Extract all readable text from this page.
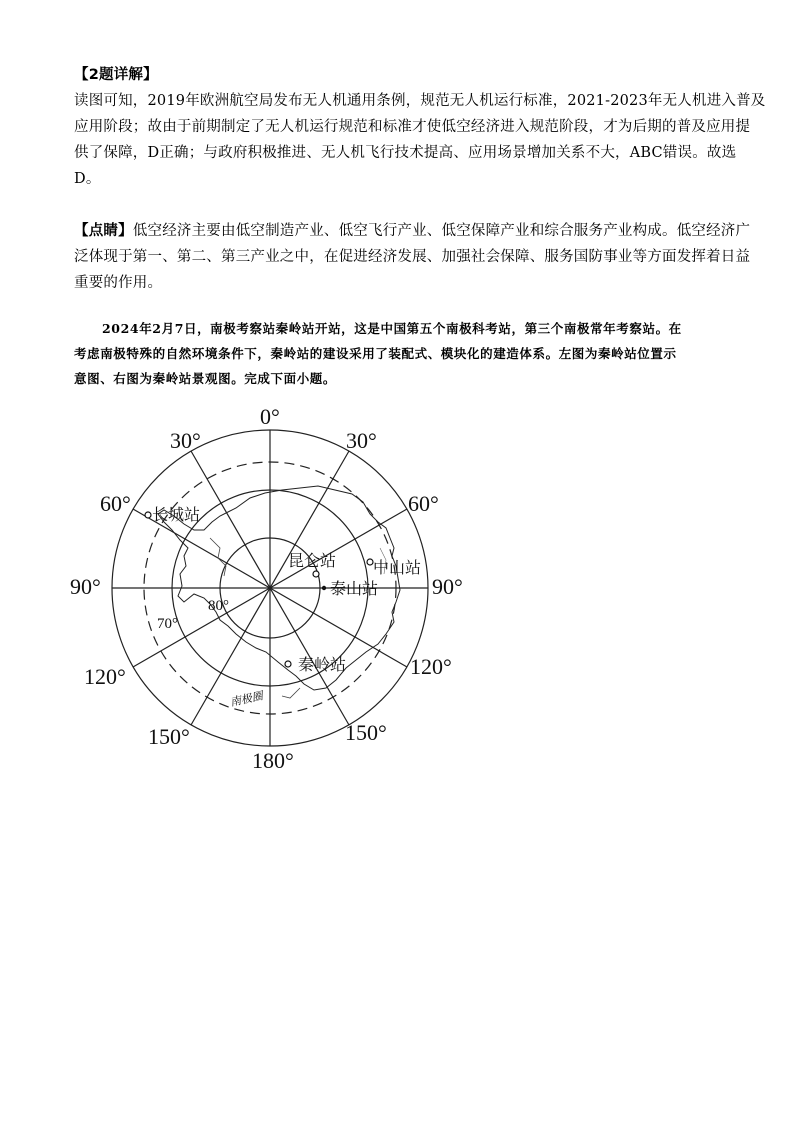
【2题详解】
读图可知，2019年欧洲航空局发布无人机通用条例，规范无人机运行标准，2021-2023年无人机进入普及
应用阶段；故由于前期制定了无人机运行规范和标准才使低空经济进入规范阶段，才为后期的普及应用提
供了保障，D正确；与政府积极推进、无人机飞行技术提高、应用场景增加关系不大，ABC错误。故选
D。
【点睛】低空经济主要由低空制造产业、低空飞行产业、低空保障产业和综合服务产业构成。低空经济广
泛体现于第一、第二、第三产业之中，在促进经济发展、加强社会保障、服务国防事业等方面发挥着日益
重要的作用。
2024年2月7日，南极考察站秦岭站开站，这是中国第五个南极科考站，第三个南极常年考察站。在
考虑南极特殊的自然环境条件下，秦岭站的建设采用了装配式、模块化的建造体系。左图为秦岭站位置示
意图、右图为秦岭站景观图。完成下面小题。
长城站
昆仑站 中山站
泰山站
秦岭站
80°
70°
南极圈
0°
30°	30°
60°	60°
90°	90°
120°	120°
150°	150°
180°
